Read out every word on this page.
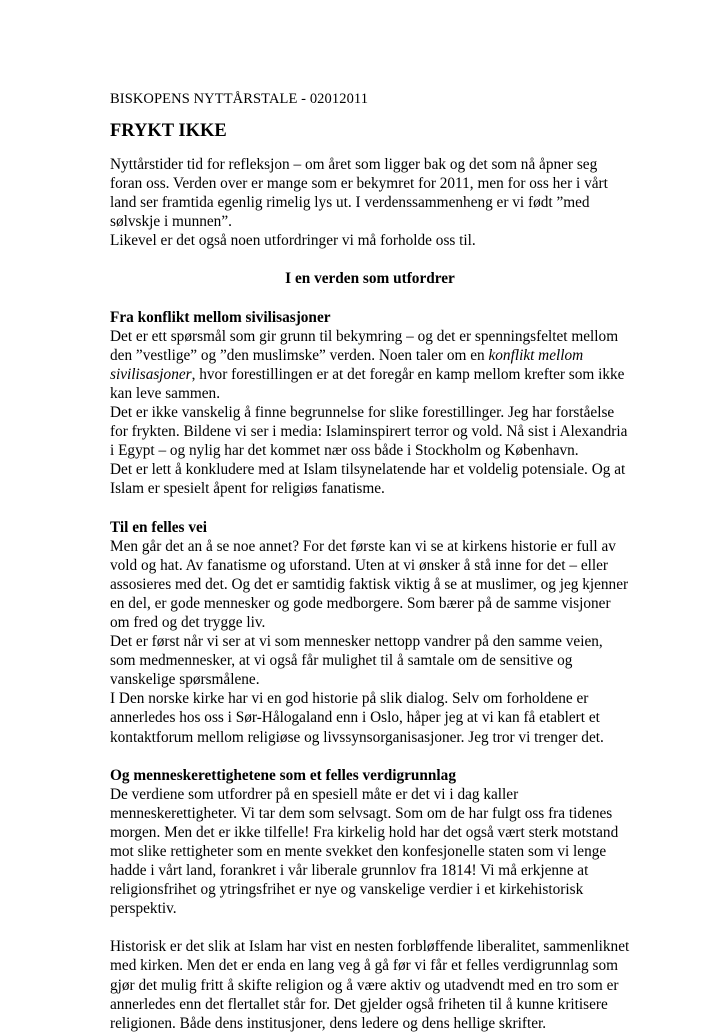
BISKOPENS NYTTÅRSTALE - 02012011

FRYKT IKKE

Nyttårstider tid for refleksjon – om året som ligger bak og det som nå åpner seg foran oss. Verden over er mange som er bekymret for 2011, men for oss her i vårt land ser framtida egenlig rimelig lys ut. I verdenssammenheng er vi født ”med sølvskje i munnen”.

Likevel er det også noen utfordringer vi må forholde oss til.

I en verden som utfordrer

Fra konflikt mellom sivilisasjoner

Det er ett spørsmål som gir grunn til bekymring – og det er spenningsfeltet mellom den ”vestlige” og ”den muslimske” verden. Noen taler om en konflikt mellom sivilisasjoner, hvor forestillingen er at det foregår en kamp mellom krefter som ikke kan leve sammen.

Det er ikke vanskelig å finne begrunnelse for slike forestillinger. Jeg har forståelse for frykten. Bildene vi ser i media: Islaminspirert terror og vold. Nå sist i Alexandria i Egypt – og nylig har det kommet nær oss både i Stockholm og København.

Det er lett å konkludere med at Islam tilsynelatende har et voldelig potensiale. Og at Islam er spesielt åpent for religiøs fanatisme.

Til en felles vei

Men går det an å se noe annet? For det første kan vi se at kirkens historie er full av vold og hat. Av fanatisme og uforstand. Uten at vi ønsker å stå inne for det – eller assosieres med det. Og det er samtidig faktisk viktig å se at muslimer, og jeg kjenner en del, er gode mennesker og gode medborgere. Som bærer på de samme visjoner om fred og det trygge liv.

Det er først når vi ser at vi som mennesker nettopp vandrer på den samme veien, som medmennesker, at vi også får mulighet til å samtale om de sensitive og vanskelige spørsmålene.

I Den norske kirke har vi en god historie på slik dialog. Selv om forholdene er annerledes hos oss i Sør-Hålogaland enn i Oslo, håper jeg at vi kan få etablert et kontaktforum mellom religiøse og livssynsorganisasjoner. Jeg tror vi trenger det.

Og menneskerettighetene som et felles verdigrunnlag

De verdiene som utfordrer på en spesiell måte er det vi i dag kaller menneskerettigheter. Vi tar dem som selvsagt. Som om de har fulgt oss fra tidenes morgen. Men det er ikke tilfelle! Fra kirkelig hold har det også vært sterk motstand mot slike rettigheter som en mente svekket den konfesjonelle staten som vi lenge hadde i vårt land, forankret i vår liberale grunnlov fra 1814! Vi må erkjenne at religionsfrihet og ytringsfrihet er nye og vanskelige verdier i et kirkehistorisk perspektiv.

Historisk er det slik at Islam har vist en nesten forbløffende liberalitet, sammenliknet med kirken. Men det er enda en lang veg å gå før vi får et felles verdigrunnlag som gjør det mulig fritt å skifte religion og å være aktiv og utadvendt med en tro som er annerledes enn det flertallet står for. Det gjelder også friheten til å kunne kritisere religionen. Både dens institusjoner, dens ledere og dens hellige skrifter.
